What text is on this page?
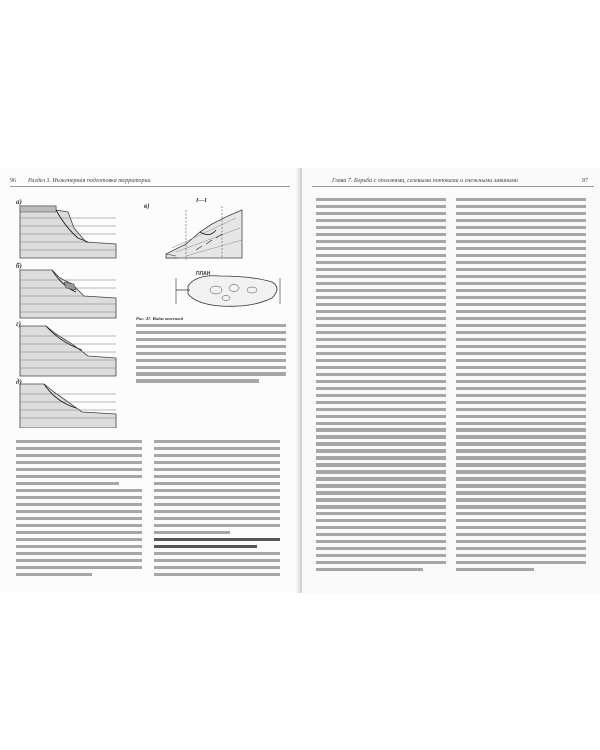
96 Раздел 3. Инженерная подготовка территории
а)
б)
в)
г)
д)
I—I
ПЛАН
Рис. 47. Виды оползней
Глава 7. Борьба с оползнями, селевыми потоками и снежными лавинами	97
